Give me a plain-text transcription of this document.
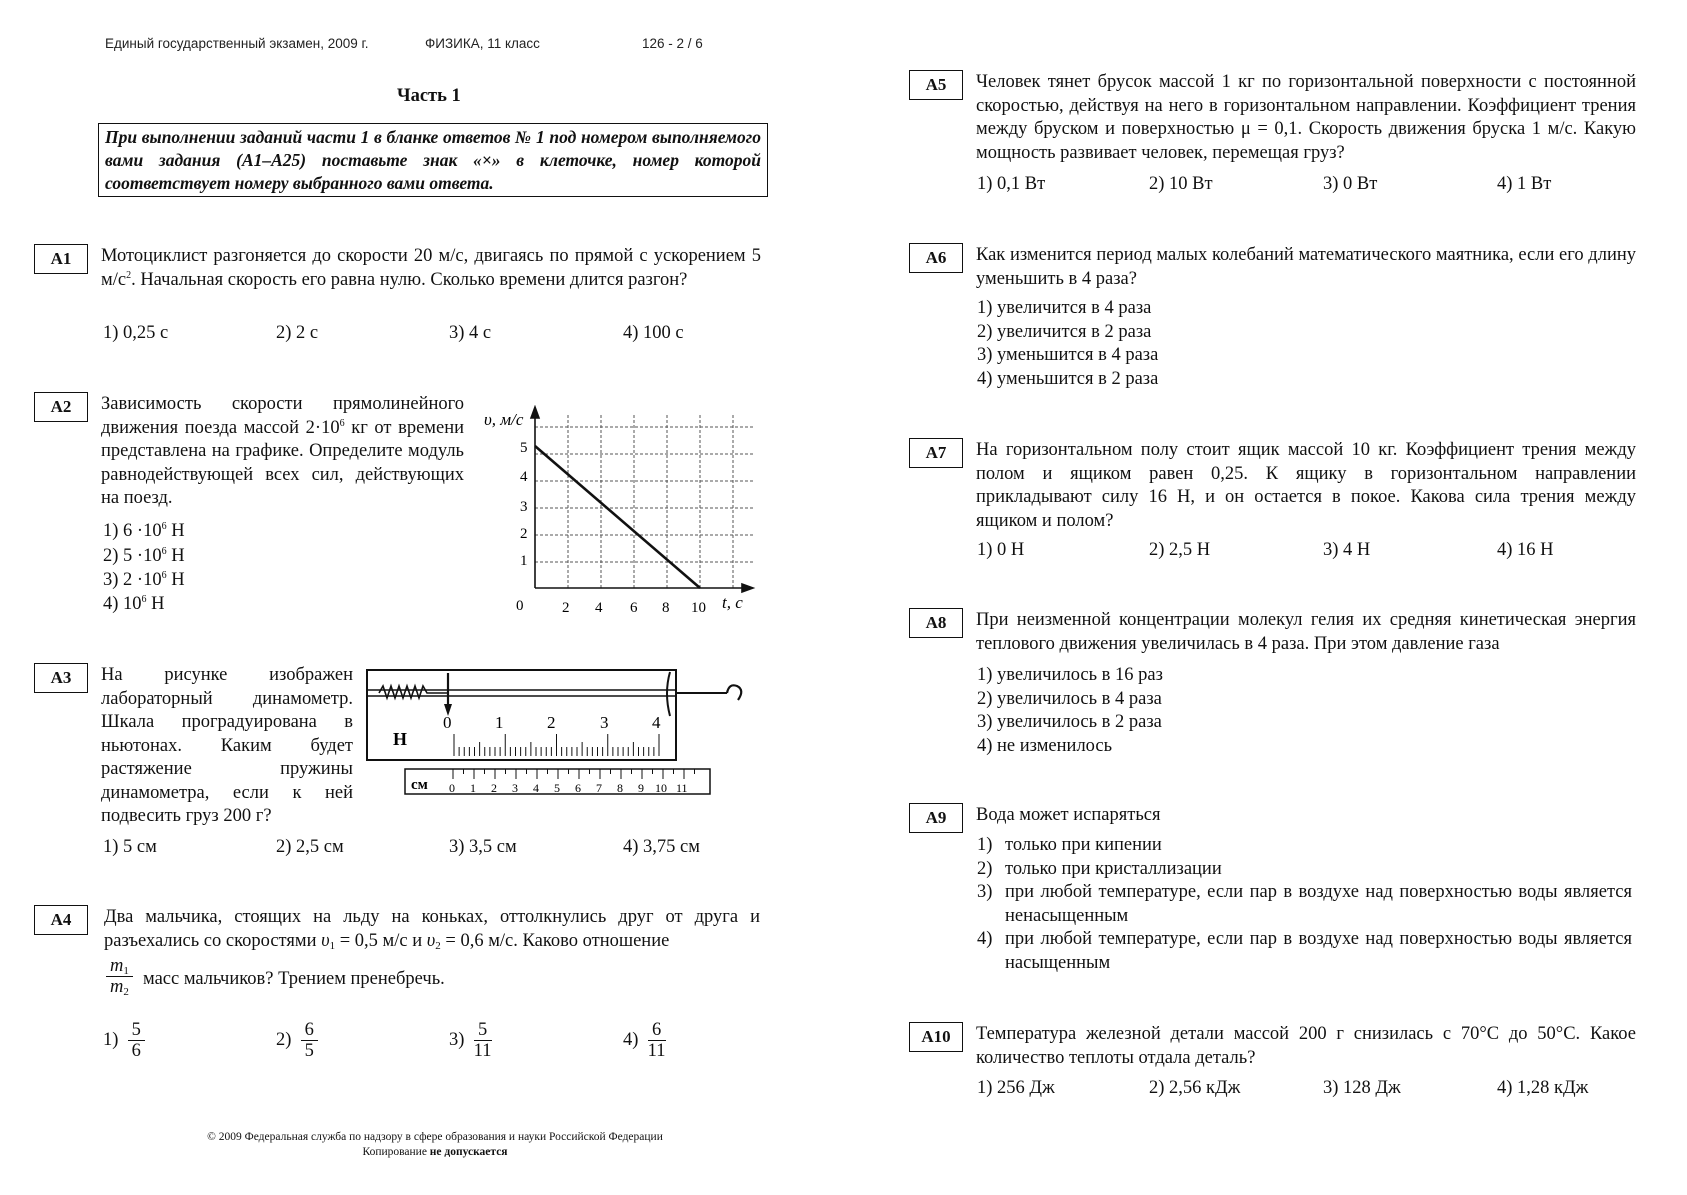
Единый государственный экзамен, 2009 г.	ФИЗИКА, 11 класс	126 - 2 / 6
Часть 1
При выполнении заданий части 1 в бланке ответов № 1 под номером выполняемого вами задания (А1–А25) поставьте знак «×» в клеточке, номер которой соответствует номеру выбранного вами ответа.
А1	Мотоциклист разгоняется до скорости 20 м/с, двигаясь по прямой с ускорением 5 $м/с^2$. Начальная скорость его равна нулю. Сколько времени длится разгон?
1) 0,25 с	2) 2 с	3) 4 с	4) 100 с
А2	Зависимость скорости прямолинейного движения поезда массой $2\cdot 10^6$ кг от времени представлена на графике. Определите модуль равнодействующей всех сил, действующих на поезд.
1) $6 \cdot 10^6$ Н
2) $5 \cdot 10^6$ Н
3) $2 \cdot 10^6$ Н
4) $10^6$ Н
υ, м/с
5
4
3
2
1
0	2 4 6 8 10 t, с
А3	На рисунке изображен лабораторный динамометр. Шкала проградуирована в ньютонах. Каким будет растяжение пружины динамометра, если к ней подвесить груз 200 г?
1) 5 см	2) 2,5 см	3) 3,5 см	4) 3,75 см
Н
0	1	2	3	4
см 0 1 2 3 4 5 6 7 8 9 10 11
А4	Два мальчика, стоящих на льду на коньках, оттолкнулись друг от друга и разъехались со скоростями $\upsilon_1 = 0,5$ м/с и $\upsilon_2 = 0,6$ м/с. Каково отношение
$\frac{m_1}{m_2}$ масс мальчиков? Трением пренебречь.
$1) \frac{5}{6}$	$2) \frac{6}{5}$	$3) \frac{5}{11}$	$4) \frac{6}{11}$
© 2009 Федеральная служба по надзору в сфере образования и науки Российской Федерации
Копирование не допускается
А5	Человек тянет брусок массой 1 кг по горизонтальной поверхности с постоянной скоростью, действуя на него в горизонтальном направлении. Коэффициент трения между бруском и поверхностью μ = 0,1. Скорость движения бруска 1 м/с. Какую мощность развивает человек, перемещая груз?
1) 0,1 Вт	2) 10 Вт	3) 0 Вт	4) 1 Вт
А6	Как изменится период малых колебаний математического маятника, если его длину уменьшить в 4 раза?
1) увеличится в 4 раза
2) увеличится в 2 раза
3) уменьшится в 4 раза
4) уменьшится в 2 раза
А7	На горизонтальном полу стоит ящик массой 10 кг. Коэффициент трения между полом и ящиком равен 0,25. К ящику в горизонтальном направлении прикладывают силу 16 Н, и он остается в покое. Какова сила трения между ящиком и полом?
1) 0 Н	2) 2,5 Н	3) 4 Н	4) 16 Н
А8	При неизменной концентрации молекул гелия их средняя кинетическая энергия теплового движения увеличилась в 4 раза. При этом давление газа
1) увеличилось в 16 раз
2) увеличилось в 4 раза
3) увеличилось в 2 раза
4) не изменилось
А9	Вода может испаряться
1) только при кипении
2) только при кристаллизации
3) при любой температуре, если пар в воздухе над поверхностью воды является ненасыщенным
4) при любой температуре, если пар в воздухе над поверхностью воды является насыщенным
А10	Температура железной детали массой 200 г снизилась с 70°С до 50°С. Какое количество теплоты отдала деталь?
1) 256 Дж	2) 2,56 кДж	3) 128 Дж	4) 1,28 кДж
